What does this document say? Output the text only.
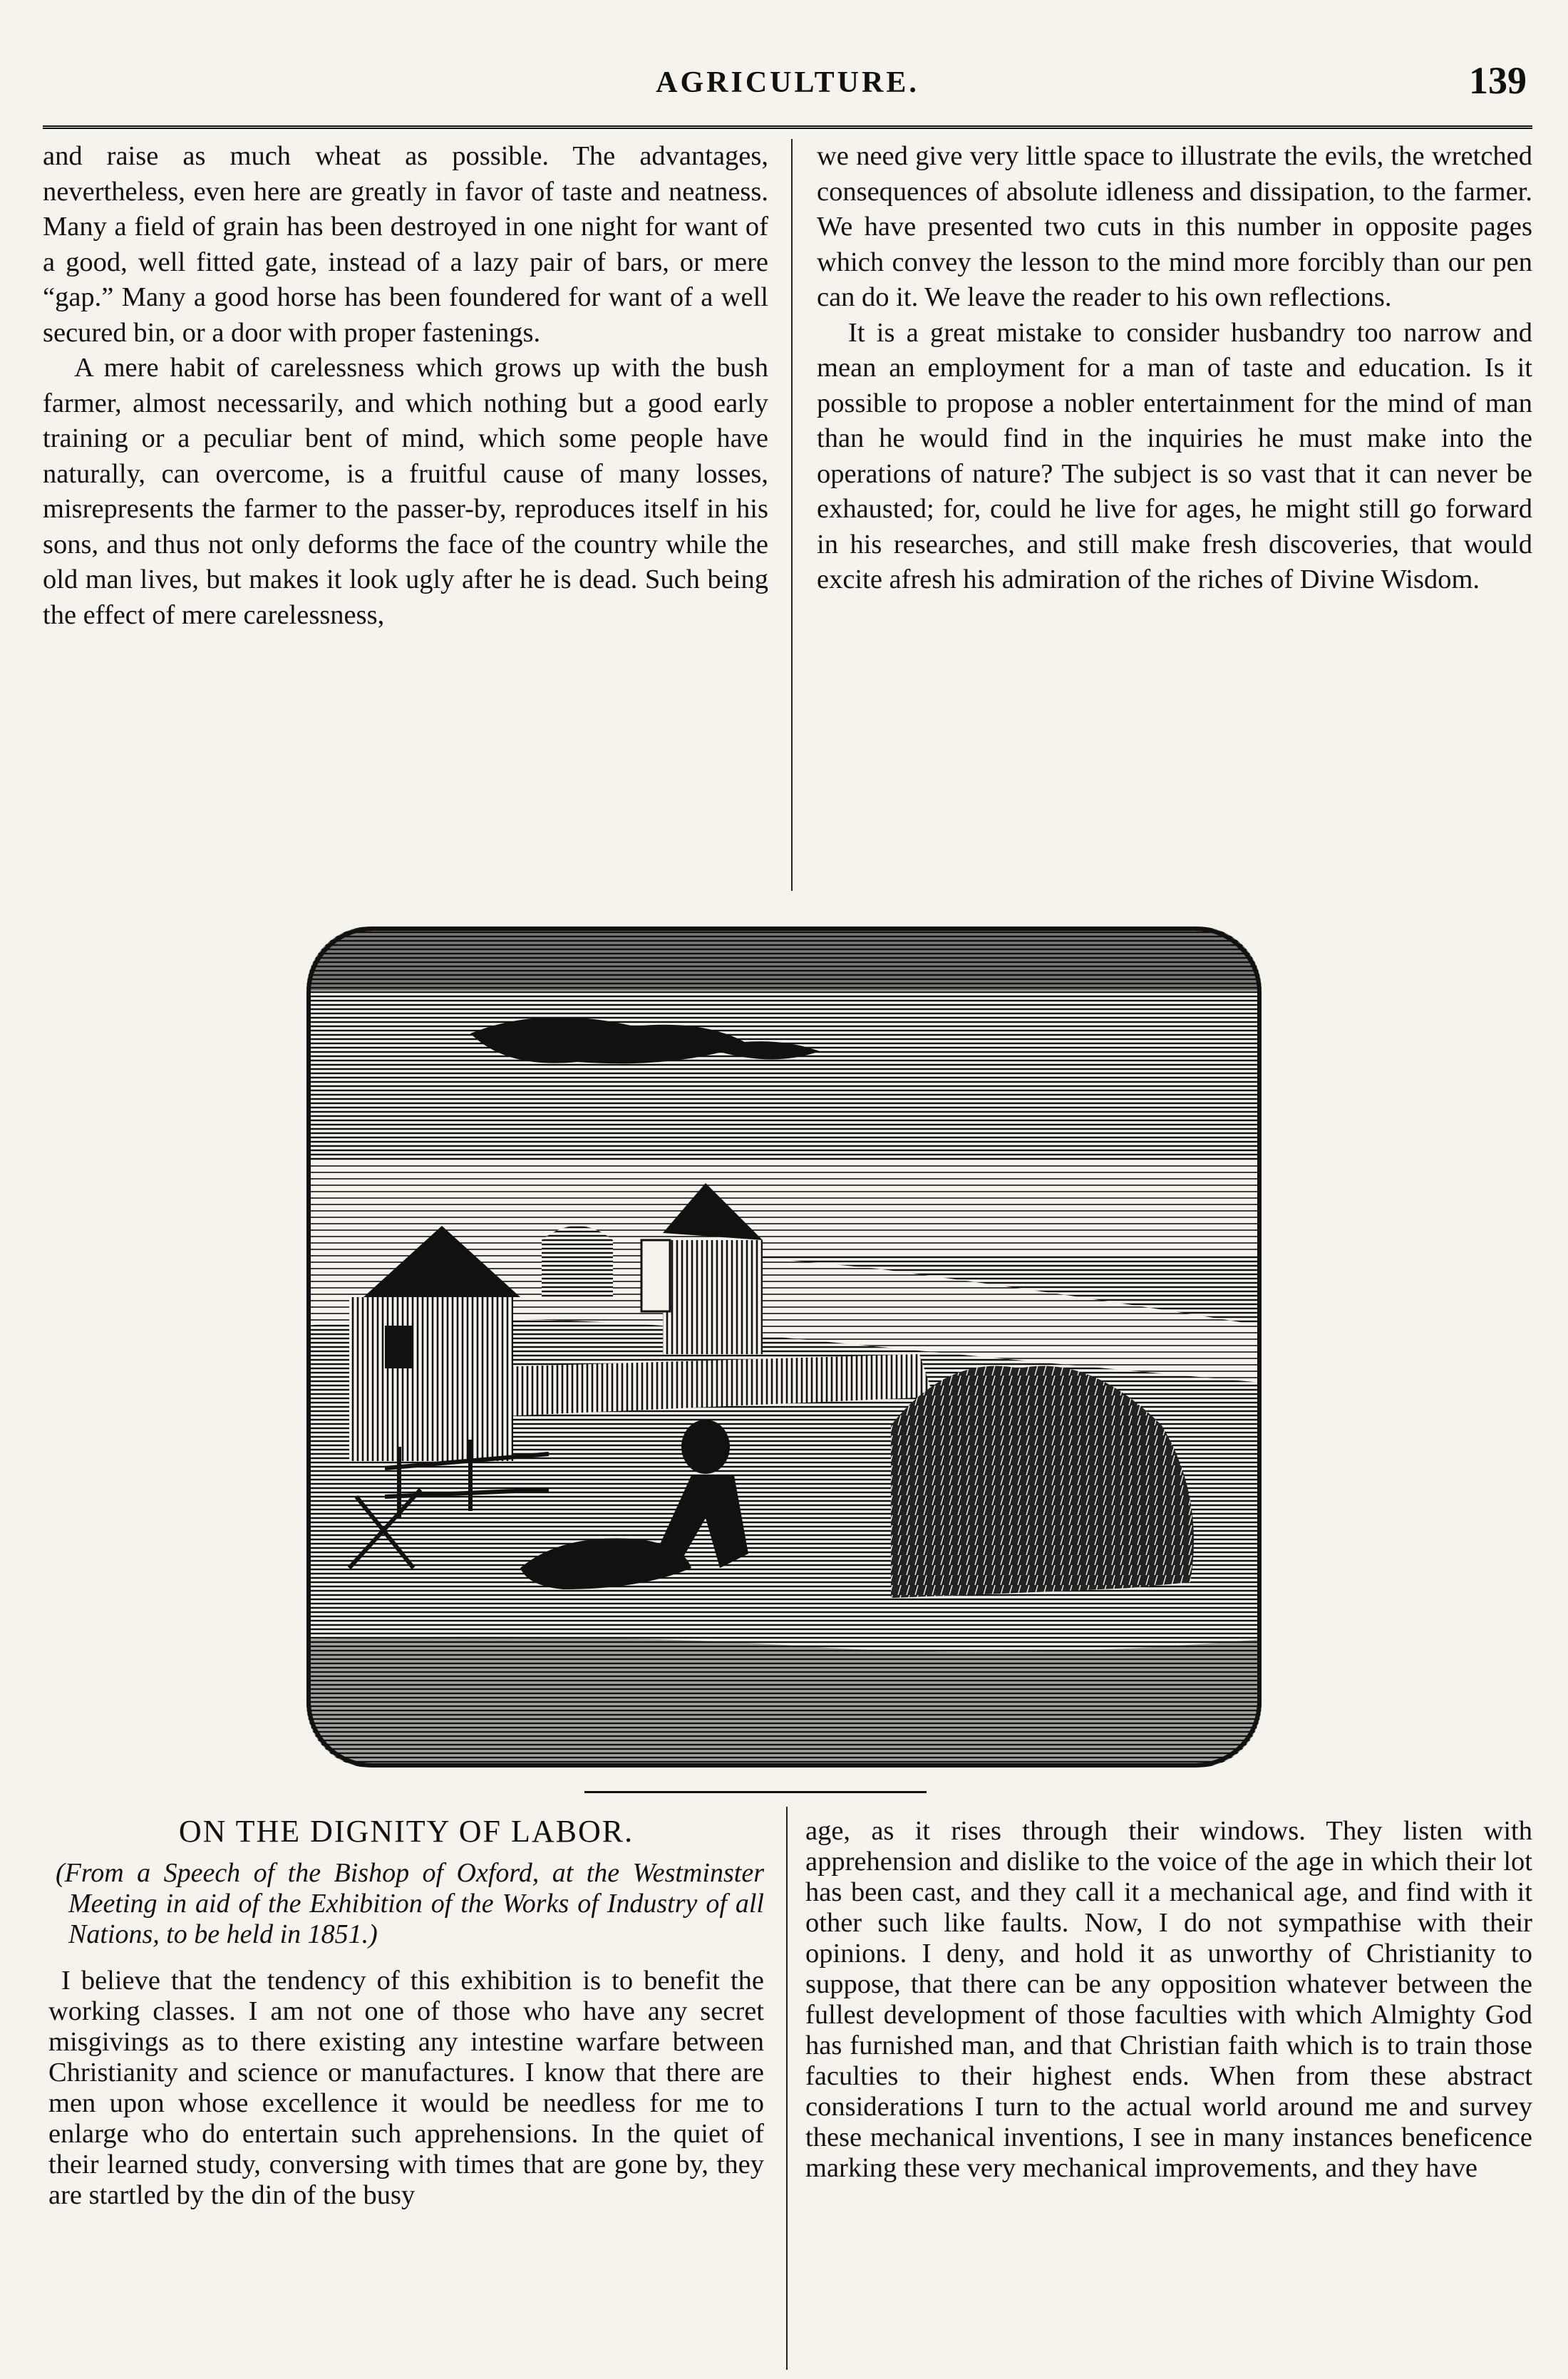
AGRICULTURE.	139

and raise as much wheat as possible. The advantages, nevertheless, even here are greatly in favor of taste and neatness. Many a field of grain has been destroyed in one night for want of a good, well fitted gate, instead of a lazy pair of bars, or mere “gap.” Many a good horse has been foundered for want of a well secured bin, or a door with proper fastenings.

A mere habit of carelessness which grows up with the bush farmer, almost necessarily, and which nothing but a good early training or a peculiar bent of mind, which some people have naturally, can overcome, is a fruitful cause of many losses, misrepresents the farmer to the passer-by, reproduces itself in his sons, and thus not only deforms the face of the country while the old man lives, but makes it look ugly after he is dead. Such being the effect of mere carelessness,

we need give very little space to illustrate the evils, the wretched consequences of absolute idleness and dissipation, to the farmer. We have presented two cuts in this number in opposite pages which convey the lesson to the mind more forcibly than our pen can do it. We leave the reader to his own reflections.

It is a great mistake to consider husbandry too narrow and mean an employment for a man of taste and education. Is it possible to propose a nobler entertainment for the mind of man than he would find in the inquiries he must make into the operations of nature? The subject is so vast that it can never be exhausted; for, could he live for ages, he might still go forward in his researches, and still make fresh discoveries, that would excite afresh his admiration of the riches of Divine Wisdom.

ON THE DIGNITY OF LABOR.
(From a Speech of the Bishop of Oxford, at the Westminster Meeting in aid of the Exhibition of the Works of Industry of all Nations, to be held in 1851.)

I believe that the tendency of this exhibition is to benefit the working classes. I am not one of those who have any secret misgivings as to there existing any intestine warfare between Christianity and science or manufactures. I know that there are men upon whose excellence it would be needless for me to enlarge who do entertain such apprehensions. In the quiet of their learned study, conversing with times that are gone by, they are startled by the din of the busy

age, as it rises through their windows. They listen with apprehension and dislike to the voice of the age in which their lot has been cast, and they call it a mechanical age, and find with it other such like faults. Now, I do not sympathise with their opinions. I deny, and hold it as unworthy of Christianity to suppose, that there can be any opposition whatever between the fullest development of those faculties with which Almighty God has furnished man, and that Christian faith which is to train those faculties to their highest ends. When from these abstract considerations I turn to the actual world around me and survey these mechanical inventions, I see in many instances beneficence marking these very mechanical improvements, and they have
